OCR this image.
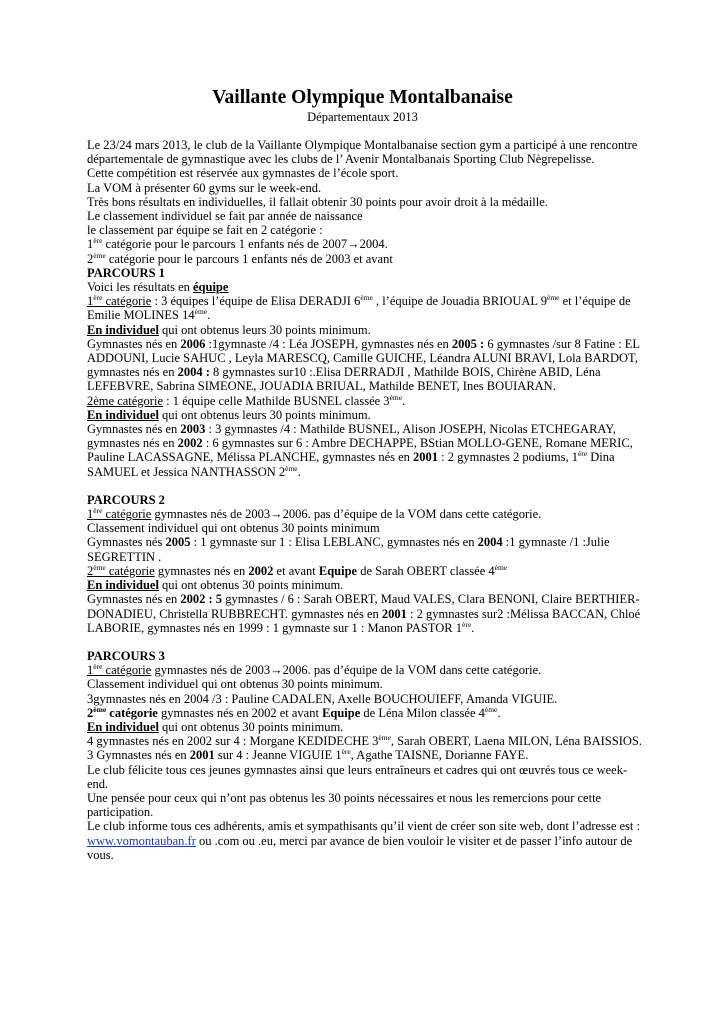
Vaillante Olympique Montalbanaise
Départementaux 2013

Le 23/24 mars 2013, le club de la Vaillante Olympique Montalbanaise section gym a participé à une rencontre départementale de gymnastique avec les clubs de l’ Avenir Montalbanais Sporting Club Nègrepelisse.

Cette compétition est réservée aux gymnastes de l’école sport.

La VOM à présenter 60 gyms sur le week-end.

Très bons résultats en individuelles, il fallait obtenir 30 points pour avoir droit à la médaille.

Le classement individuel se fait par année de naissance

le classement par équipe se fait en 2 catégorie :

1ère catégorie pour le parcours 1 enfants nés de 2007→2004.

2ème catégorie pour le parcours 1 enfants nés de 2003 et avant

PARCOURS 1

Voici les résultats en équipe

1ère catégorie : 3 équipes l’équipe de Elisa DERADJI 6ème , l’équipe de Jouadia BRIOUAL 9ème et l’équipe de Emilie MOLINES 14ème.

En individuel qui ont obtenus leurs 30 points minimum.

Gymnastes nés en 2006 :1gymnaste /4 : Léa JOSEPH, gymnastes nés en 2005 : 6 gymnastes /sur 8 Fatine : EL ADDOUNI, Lucie SAHUC , Leyla MARESCQ, Camille GUICHE, Léandra ALUNI BRAVI, Lola BARDOT, gymnastes nés en 2004 : 8 gymnastes sur10 :.Elisa DERRADJI , Mathilde BOIS, Chirène ABID, Léna LEFEBVRE, Sabrina SIMEONE, JOUADIA BRIUAL, Mathilde BENET, Ines BOUIARAN.

2ème catégorie : 1 équipe celle Mathilde BUSNEL classée 3ème.

En individuel qui ont obtenus leurs 30 points minimum.

Gymnastes nés en 2003 : 3 gymnastes /4 : Mathilde BUSNEL, Alison JOSEPH, Nicolas ETCHEGARAY, gymnastes nés en 2002 : 6 gymnastes sur 6 : Ambre DECHAPPE, BStian MOLLO-GENE, Romane MERIC, Pauline LACASSAGNE, Mélissa PLANCHE, gymnastes nés en 2001 : 2 gymnastes 2 podiums, 1ère Dina SAMUEL et Jessica NANTHASSON 2ème.

PARCOURS 2

1ère catégorie gymnastes nés de 2003→2006. pas d’équipe de la VOM dans cette catégorie.

Classement individuel qui ont obtenus 30 points minimum

Gymnastes nés 2005 : 1 gymnaste sur 1 : Elisa LEBLANC, gymnastes nés en 2004 :1 gymnaste /1 :Julie SEGRETTIN .

2ème catégorie gymnastes nés en 2002 et avant Equipe de Sarah OBERT classée 4ème

En individuel qui ont obtenus 30 points minimum.

Gymnastes nés en 2002 : 5 gymnastes / 6 : Sarah OBERT, Maud VALES, Clara BENONI, Claire BERTHIER-DONADIEU, Christella RUBBRECHT. gymnastes nés en 2001 : 2 gymnastes sur2 :Mélissa BACCAN, Chloé LABORIE, gymnastes nés en 1999 : 1 gymnaste sur 1 : Manon PASTOR 1ère.

PARCOURS 3

1ère catégorie gymnastes nés de 2003→2006. pas d’équipe de la VOM dans cette catégorie.

Classement individuel qui ont obtenus 30 points minimum.

3gymnastes nés en 2004 /3 : Pauline CADALEN, Axelle BOUCHOUIEFF, Amanda VIGUIE.

2ème catégorie gymnastes nés en 2002 et avant Equipe de Léna Milon classée 4ème.

En individuel qui ont obtenus 30 points minimum.

4 gymnastes nés en 2002 sur 4 : Morgane KEDIDECHE 3ème, Sarah OBERT, Laena MILON, Léna BAISSIOS.

3 Gymnastes nés en 2001 sur 4 : Jeanne VIGUIE 1ère, Agathe TAISNE, Dorianne FAYE.

Le club félicite tous ces jeunes gymnastes ainsi que leurs entraîneurs et cadres qui ont œuvrés tous ce week-end.

Une pensée pour ceux qui n’ont pas obtenus les 30 points nécessaires et nous les remercions pour cette participation.

Le club informe tous ces adhérents, amis et sympathisants qu’il vient de créer son site web, dont l’adresse est :

www.vomontauban.fr ou .com ou .eu, merci par avance de bien vouloir le visiter et de passer l’info autour de vous.
